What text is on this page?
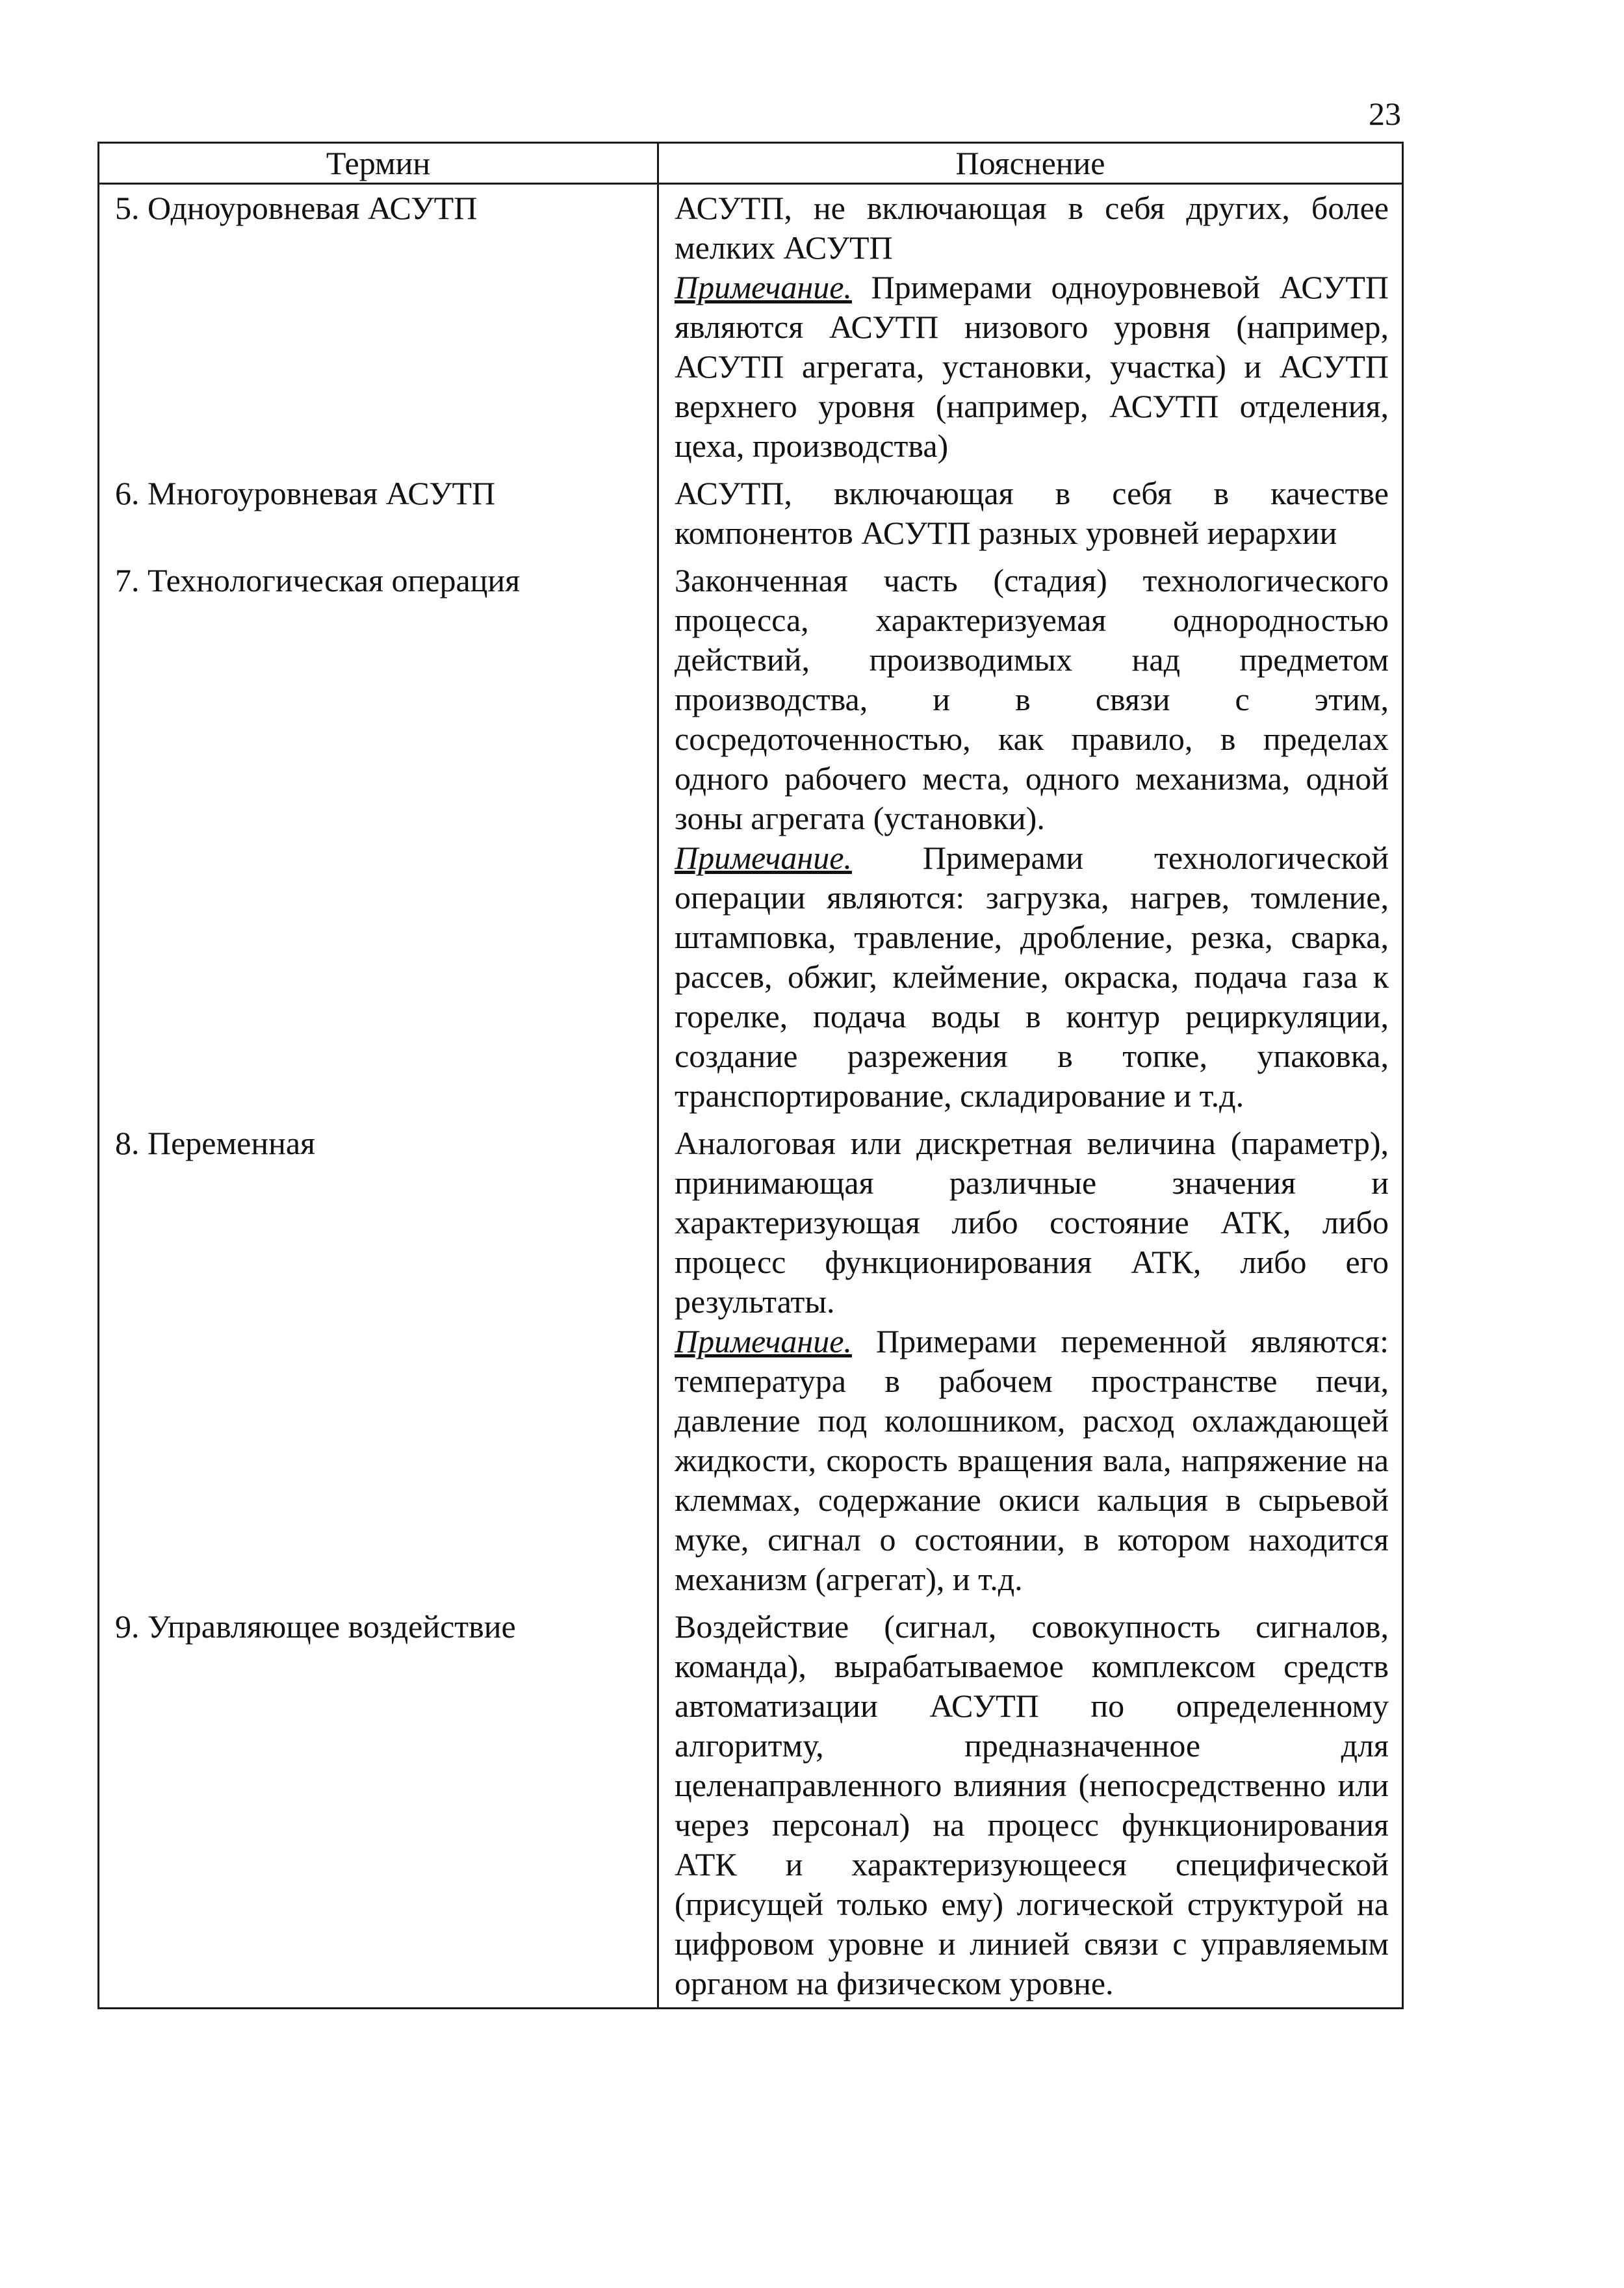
23
Термин	Пояснение
5. Одноуровневая АСУТП	АСУТП, не включающая в себя других, более мелких АСУТП
Примечание. Примерами одноуровневой АСУТП являются АСУТП низового уровня (например, АСУТП агрегата, установки, участка) и АСУТП верхнего уровня (например, АСУТП отделения, цеха, производства)

6. Многоуровневая АСУТП	АСУТП, включающая в себя в качестве компонентов АСУТП разных уровней иерархии

7. Технологическая операция	Законченная часть (стадия) технологического процесса, характеризуемая однородностью действий, производимых над предметом производства, и в связи с этим, сосредоточенностью, как правило, в пределах одного рабочего места, одного механизма, одной зоны агрегата (установки).
Примечание. Примерами технологической операции являются: загрузка, нагрев, томление, штамповка, травление, дробление, резка, сварка, рассев, обжиг, клеймение, окраска, подача газа к горелке, подача воды в контур рециркуляции, создание разрежения в топке, упаковка, транспортирование, складирование и т.д.

8. Переменная	Аналоговая или дискретная величина (параметр), принимающая различные значения и характеризующая либо состояние АТК, либо процесс функционирования АТК, либо его результаты.
Примечание. Примерами переменной являются: температура в рабочем пространстве печи, давление под колошником, расход охлаждающей жидкости, скорость вращения вала, напряжение на клеммах, содержание окиси кальция в сырьевой муке, сигнал о состоянии, в котором находится механизм (агрегат), и т.д.

9. Управляющее воздействие	Воздействие (сигнал, совокупность сигналов, команда), вырабатываемое комплексом средств автоматизации АСУТП по определенному алгоритму, предназначенное для целенаправленного влияния (непосредственно или через персонал) на процесс функционирования АТК и характеризующееся специфической (присущей только ему) логической структурой на цифровом уровне и линией связи с управляемым органом на физическом уровне.
